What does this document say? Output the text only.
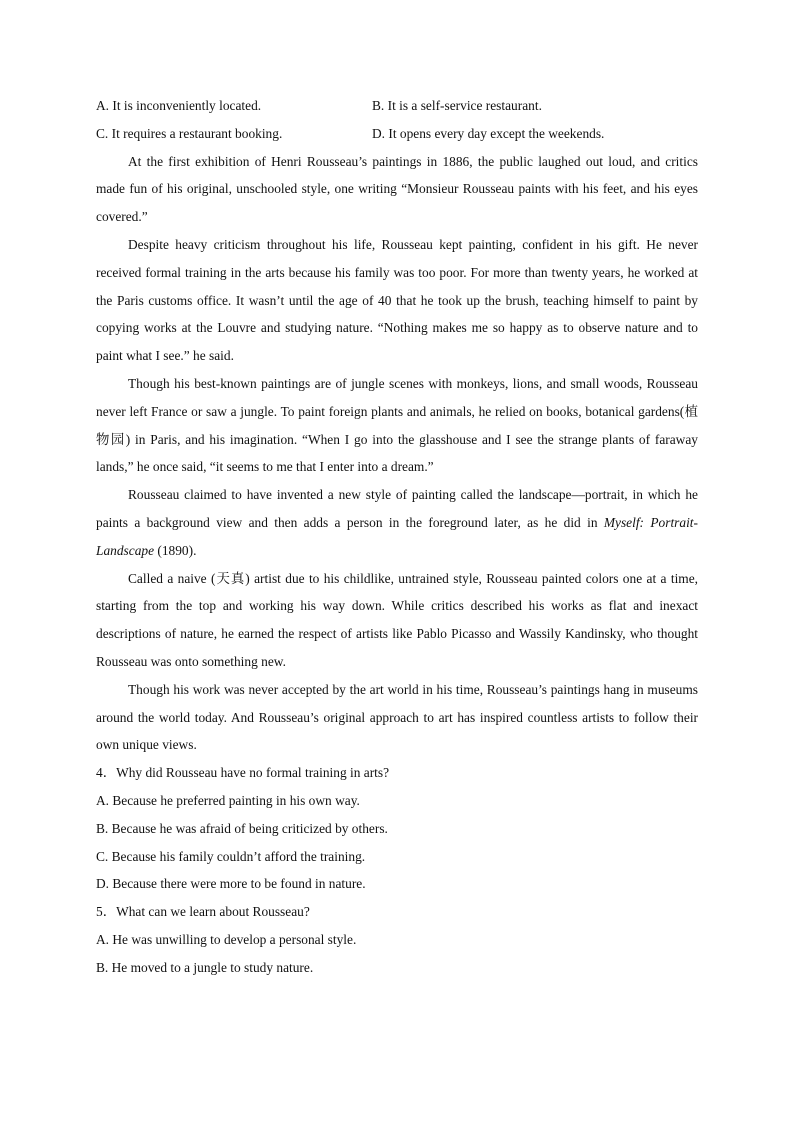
A. It is inconveniently located.	B. It is a self-service restaurant.
C. It requires a restaurant booking.	D. It opens every day except the weekends.

At the first exhibition of Henri Rousseau’s paintings in 1886, the public laughed out loud, and critics made fun of his original, unschooled style, one writing “Monsieur Rousseau paints with his feet, and his eyes covered.”

Despite heavy criticism throughout his life, Rousseau kept painting, confident in his gift. He never received formal training in the arts because his family was too poor. For more than twenty years, he worked at the Paris customs office. It wasn’t until the age of 40 that he took up the brush, teaching himself to paint by copying works at the Louvre and studying nature. “Nothing makes me so happy as to observe nature and to paint what I see.” he said.

Though his best-known paintings are of jungle scenes with monkeys, lions, and small woods, Rousseau never left France or saw a jungle. To paint foreign plants and animals, he relied on books, botanical gardens(植物园) in Paris, and his imagination. “When I go into the glasshouse and I see the strange plants of faraway lands,” he once said, “it seems to me that I enter into a dream.”

Rousseau claimed to have invented a new style of painting called the landscape—portrait, in which he paints a background view and then adds a person in the foreground later, as he did in Myself: Portrait-Landscape (1890).

Called a naive (天真) artist due to his childlike, untrained style, Rousseau painted colors one at a time, starting from the top and working his way down. While critics described his works as flat and inexact descriptions of nature, he earned the respect of artists like Pablo Picasso and Wassily Kandinsky, who thought Rousseau was onto something new.

Though his work was never accepted by the art world in his time, Rousseau’s paintings hang in museums around the world today. And Rousseau’s original approach to art has inspired countless artists to follow their own unique views.

4．Why did Rousseau have no formal training in arts?
A. Because he preferred painting in his own way.
B. Because he was afraid of being criticized by others.
C. Because his family couldn’t afford the training.
D. Because there were more to be found in nature.
5．What can we learn about Rousseau?
A. He was unwilling to develop a personal style.
B. He moved to a jungle to study nature.
